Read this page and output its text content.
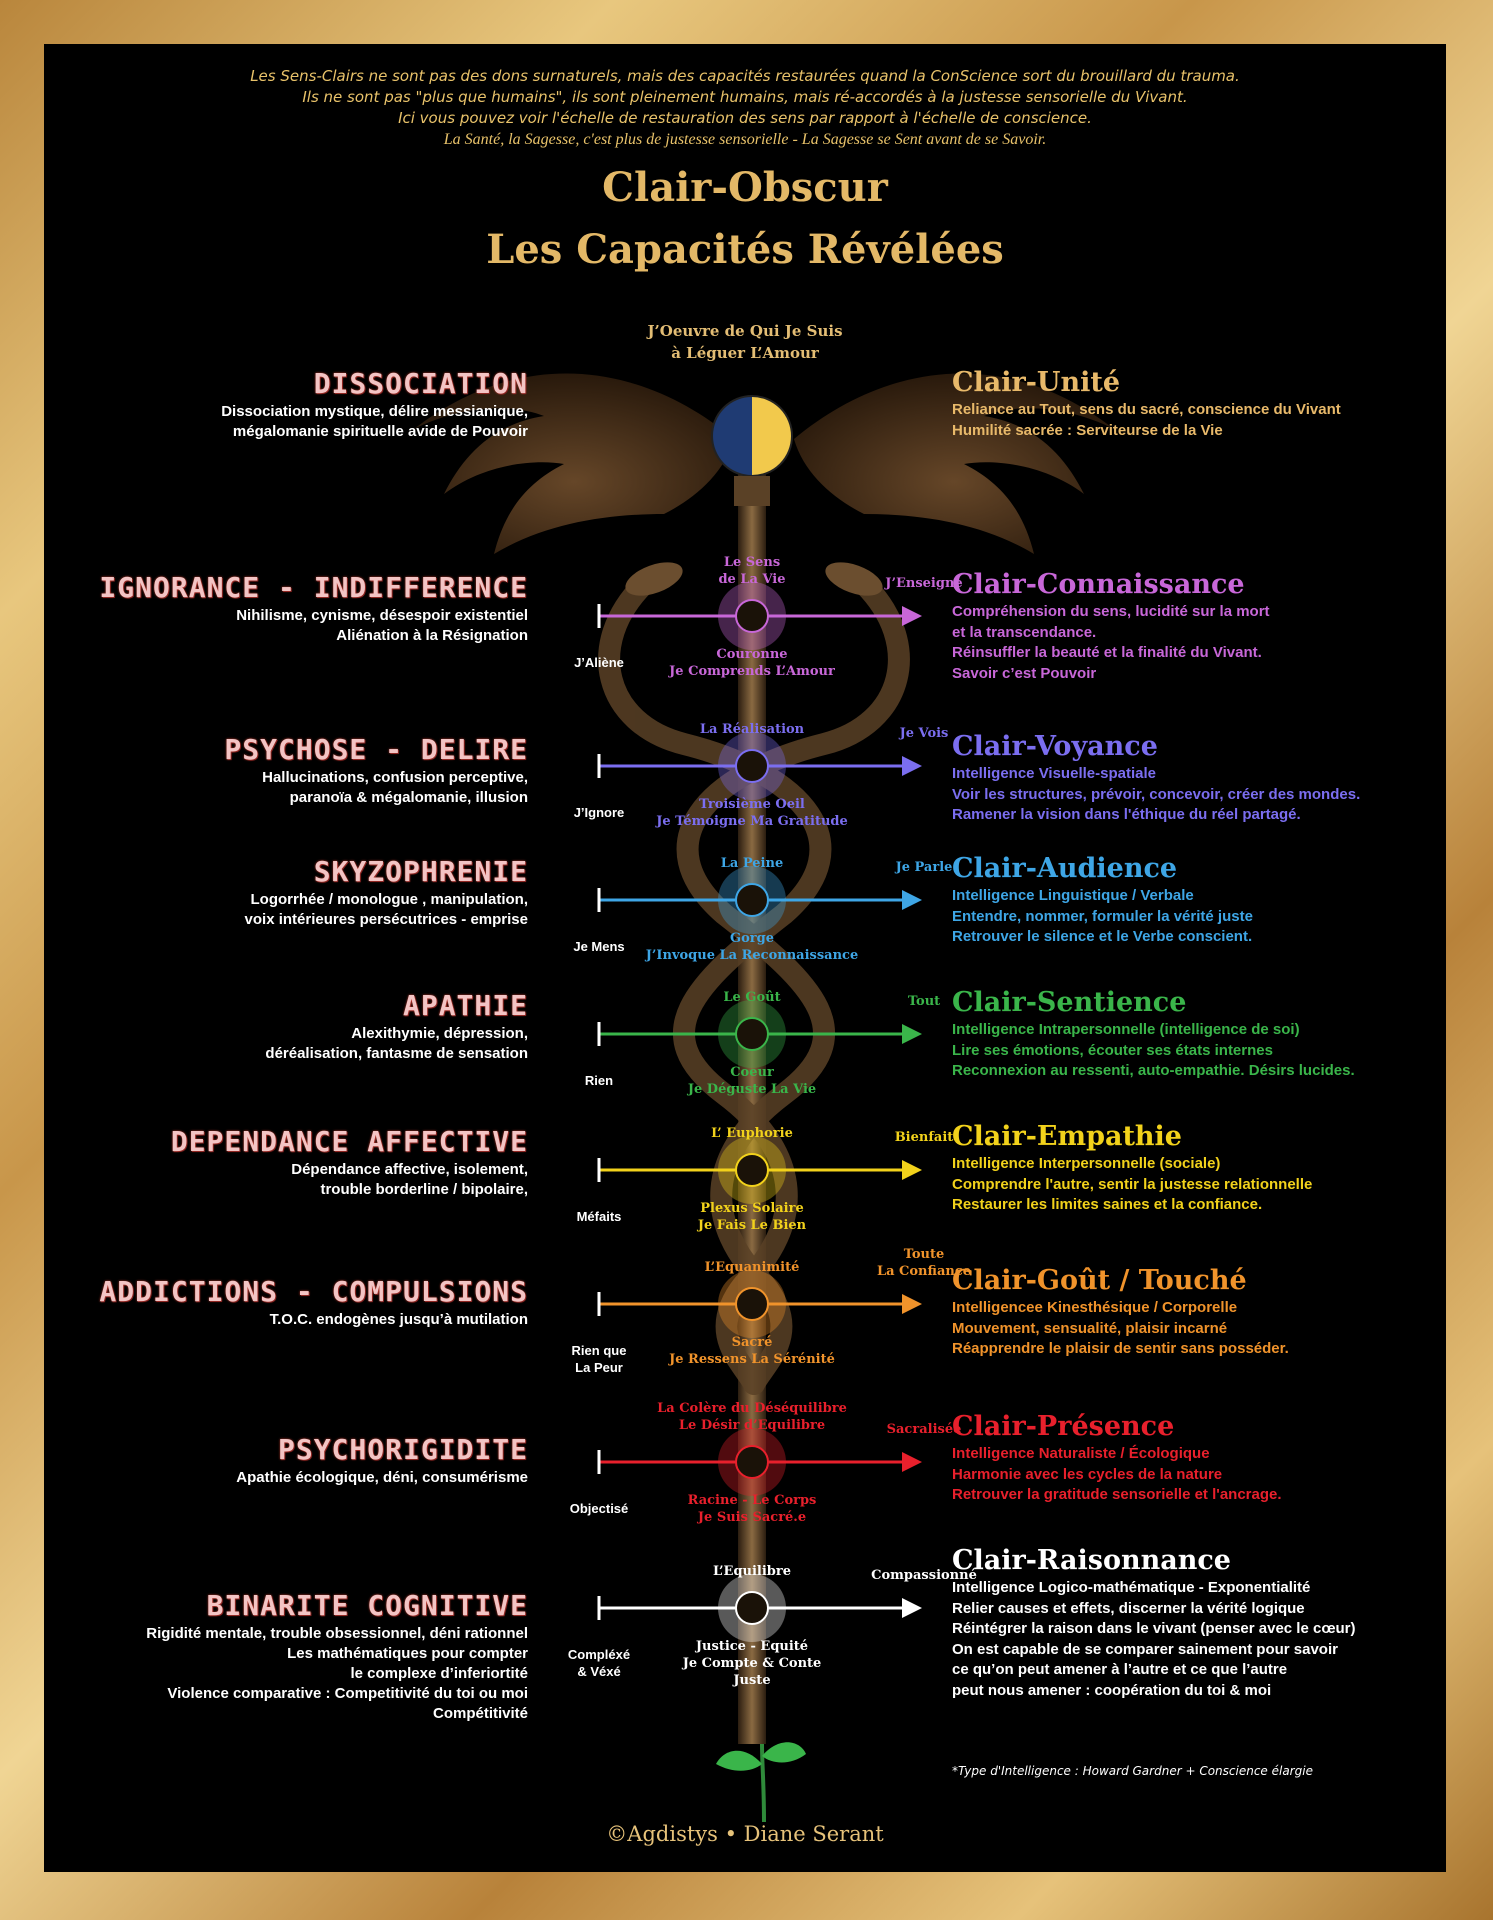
Les Sens-Clairs ne sont pas des dons surnaturels, mais des capacités restaurées quand la ConScience sort du brouillard du trauma.
Ils ne sont pas "plus que humains", ils sont pleinement humains, mais ré-accordés à la justesse sensorielle du Vivant.
Ici vous pouvez voir l'échelle de restauration des sens par rapport à l'échelle de conscience.
La Santé, la Sagesse, c'est plus de justesse sensorielle - La Sagesse se Sent avant de se Savoir.
Clair-Obscur
Les Capacités Révélées
J’Oeuvre de Qui Je Suis
à Léguer L’Amour
DISSOCIATION
Dissociation mystique, délire messianique,
mégalomanie spirituelle avide de Pouvoir
Clair-Unité
Reliance au Tout, sens du sacré, conscience du Vivant
Humilité sacrée : Serviteurse de la Vie
IGNORANCE - INDIFFERENCE
Nihilisme, cynisme, désespoir existentiel
Aliénation à la Résignation
Clair-Connaissance
Compréhension du sens, lucidité sur la mort
et la transcendance.
Réinsuffler la beauté et la finalité du Vivant.
Savoir c’est Pouvoir
Le Sens
de La Vie	J’Enseigne
J’Aliène
Couronne
Je Comprends L’Amour
PSYCHOSE - DELIRE
Hallucinations, confusion perceptive,
paranoïa & mégalomanie, illusion
Clair-Voyance
Intelligence Visuelle-spatiale
Voir les structures, prévoir, concevoir, créer des mondes.
Ramener la vision dans l'éthique du réel partagé.
La Réalisation	Je Vois
J’Ignore
Troisième Oeil
Je Témoigne Ma Gratitude
SKYZOPHRENIE
Logorrhée / monologue , manipulation,
voix intérieures persécutrices - emprise
Clair-Audience
Intelligence Linguistique / Verbale
Entendre, nommer, formuler la vérité juste
Retrouver le silence et le Verbe conscient.
La Peine	Je Parle
Je Mens
Gorge
J’Invoque La Reconnaissance
APATHIE
Alexithymie, dépression,
déréalisation, fantasme de sensation
Clair-Sentience
Intelligence Intrapersonnelle (intelligence de soi)
Lire ses émotions, écouter ses états internes
Reconnexion au ressenti, auto-empathie. Désirs lucides.
Le Goût	Tout
Rien
Coeur
Je Déguste La Vie
DEPENDANCE AFFECTIVE
Dépendance affective, isolement,
trouble borderline / bipolaire,
Clair-Empathie
Intelligence Interpersonnelle (sociale)
Comprendre l'autre, sentir la justesse relationnelle
Restaurer les limites saines et la confiance.
L’ Euphorie	Bienfait
Méfaits
Plexus Solaire
Je Fais Le Bien
ADDICTIONS - COMPULSIONS
T.O.C. endogènes jusqu’à mutilation
Clair-Goût / Touché
Intelligencee Kinesthésique / Corporelle
Mouvement, sensualité, plaisir incarné
Réapprendre le plaisir de sentir sans posséder.
L’Equanimité
Toute
La Confiance
Rien que
La Peur
Sacré
Je Ressens La Sérénité
PSYCHORIGIDITE
Apathie écologique, déni, consumérisme
Clair-Présence
Intelligence Naturaliste / Écologique
Harmonie avec les cycles de la nature
Retrouver la gratitude sensorielle et l'ancrage.
La Colère du Déséquilibre
Le Désir d’Equilibre	Sacralisée
Objectisé
Racine - Le Corps
Je Suis Sacré.e
BINARITE COGNITIVE
Rigidité mentale, trouble obsessionnel, déni rationnel
Les mathématiques pour compter
le complexe d’inferiortité
Violence comparative : Competitivité du toi ou moi
Compétitivité
Clair-Raisonnance
Intelligence Logico-mathématique - Exponentialité
Relier causes et effets, discerner la vérité logique
Réintégrer la raison dans le vivant (penser avec le cœur)
On est capable de se comparer sainement pour savoir
ce qu’on peut amener à l’autre et ce que l’autre
peut nous amener : coopération du toi & moi
L’Equilibre	Compassionné
Compléxé
& Véxé
Justice - Equité
Je Compte & Conte
Juste
*Type d'Intelligence : Howard Gardner + Conscience élargie
©Agdistys • Diane Serant
